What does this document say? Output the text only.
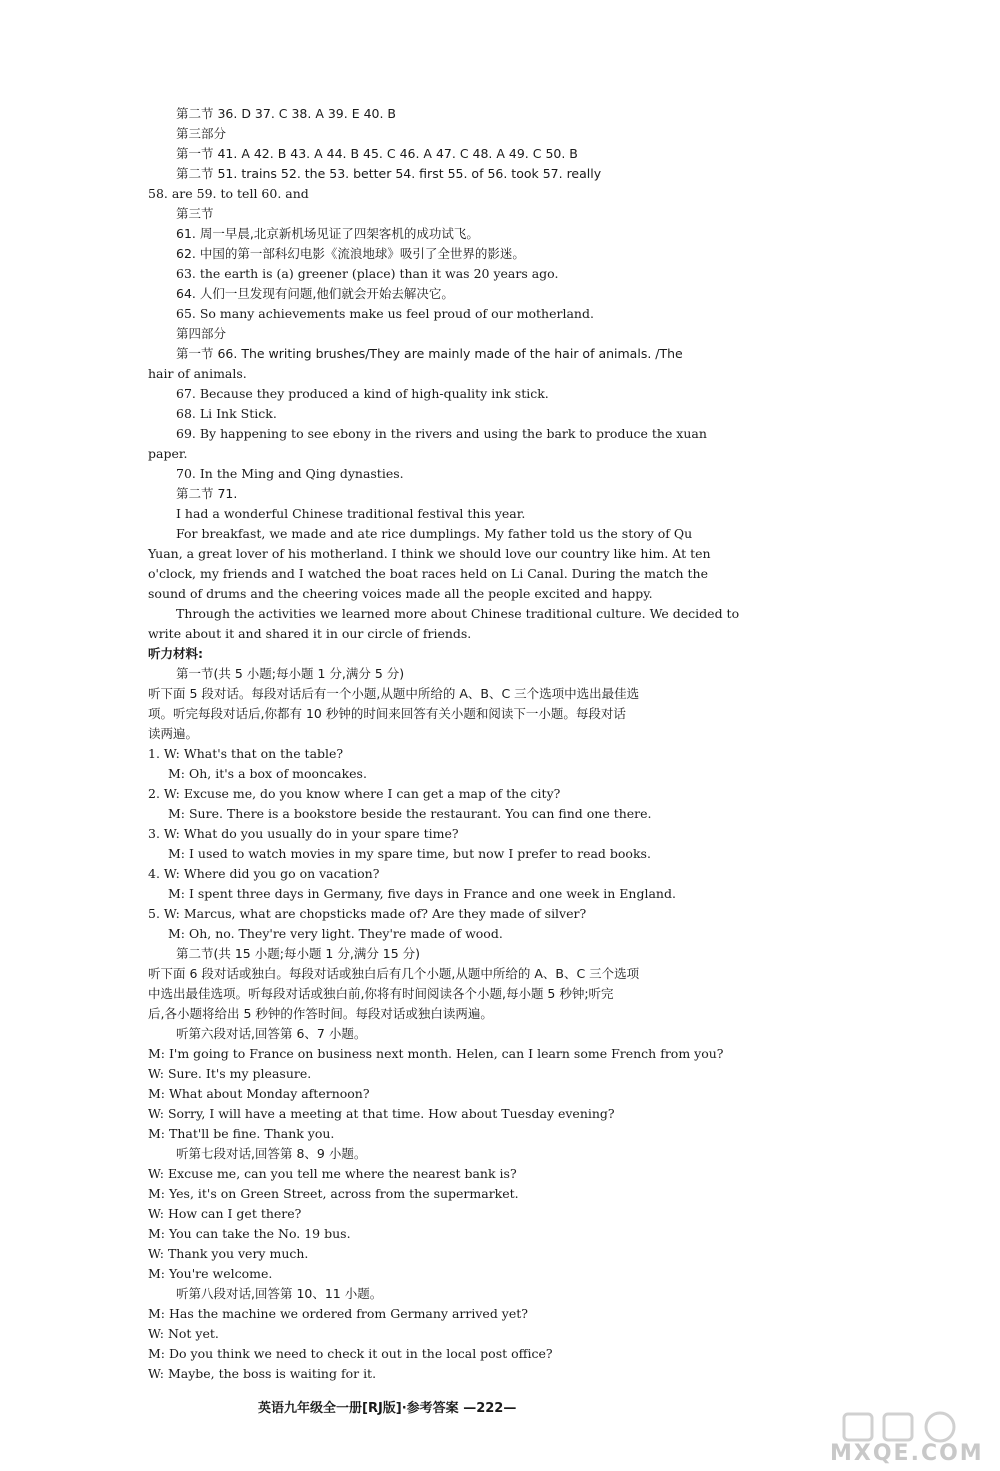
第二节 36. D 37. C 38. A 39. E 40. B
第三部分
第一节 41. A 42. B 43. A 44. B 45. C 46. A 47. C 48. A 49. C 50. B
第二节 51. trains 52. the 53. better 54. first 55. of 56. took 57. really
58. are 59. to tell 60. and
第三节
61. 周一早晨,北京新机场见证了四架客机的成功试飞。
62. 中国的第一部科幻电影《流浪地球》吸引了全世界的影迷。
63. the earth is (a) greener (place) than it was 20 years ago.
64. 人们一旦发现有问题,他们就会开始去解决它。
65. So many achievements make us feel proud of our motherland.
第四部分
第一节 66. The writing brushes/They are mainly made of the hair of animals. /The
hair of animals.
67. Because they produced a kind of high-quality ink stick.
68. Li Ink Stick.
69. By happening to see ebony in the rivers and using the bark to produce the xuan
paper.
70. In the Ming and Qing dynasties.
第二节 71.
I had a wonderful Chinese traditional festival this year.
For breakfast, we made and ate rice dumplings. My father told us the story of Qu
Yuan, a great lover of his motherland. I think we should love our country like him. At ten
o'clock, my friends and I watched the boat races held on Li Canal. During the match the
sound of drums and the cheering voices made all the people excited and happy.
Through the activities we learned more about Chinese traditional culture. We decided to
write about it and shared it in our circle of friends.
听力材料:
第一节(共 5 小题;每小题 1 分,满分 5 分)
听下面 5 段对话。每段对话后有一个小题,从题中所给的 A、B、C 三个选项中选出最佳选
项。听完每段对话后,你都有 10 秒钟的时间来回答有关小题和阅读下一小题。每段对话
读两遍。
1. W: What's that on the table?
M: Oh, it's a box of mooncakes.
2. W: Excuse me, do you know where I can get a map of the city?
M: Sure. There is a bookstore beside the restaurant. You can find one there.
3. W: What do you usually do in your spare time?
M: I used to watch movies in my spare time, but now I prefer to read books.
4. W: Where did you go on vacation?
M: I spent three days in Germany, five days in France and one week in England.
5. W: Marcus, what are chopsticks made of? Are they made of silver?
M: Oh, no. They're very light. They're made of wood.
第二节(共 15 小题;每小题 1 分,满分 15 分)
听下面 6 段对话或独白。每段对话或独白后有几个小题,从题中所给的 A、B、C 三个选项
中选出最佳选项。听每段对话或独白前,你将有时间阅读各个小题,每小题 5 秒钟;听完
后,各小题将给出 5 秒钟的作答时间。每段对话或独白读两遍。
听第六段对话,回答第 6、7 小题。
M: I'm going to France on business next month. Helen, can I learn some French from you?
W: Sure. It's my pleasure.
M: What about Monday afternoon?
W: Sorry, I will have a meeting at that time. How about Tuesday evening?
M: That'll be fine. Thank you.
听第七段对话,回答第 8、9 小题。
W: Excuse me, can you tell me where the nearest bank is?
M: Yes, it's on Green Street, across from the supermarket.
W: How can I get there?
M: You can take the No. 19 bus.
W: Thank you very much.
M: You're welcome.
听第八段对话,回答第 10、11 小题。
M: Has the machine we ordered from Germany arrived yet?
W: Not yet.
M: Do you think we need to check it out in the local post office?
W: Maybe, the boss is waiting for it.
英语九年级全一册[RJ版]·参考答案 —222—
MXQE.COM
